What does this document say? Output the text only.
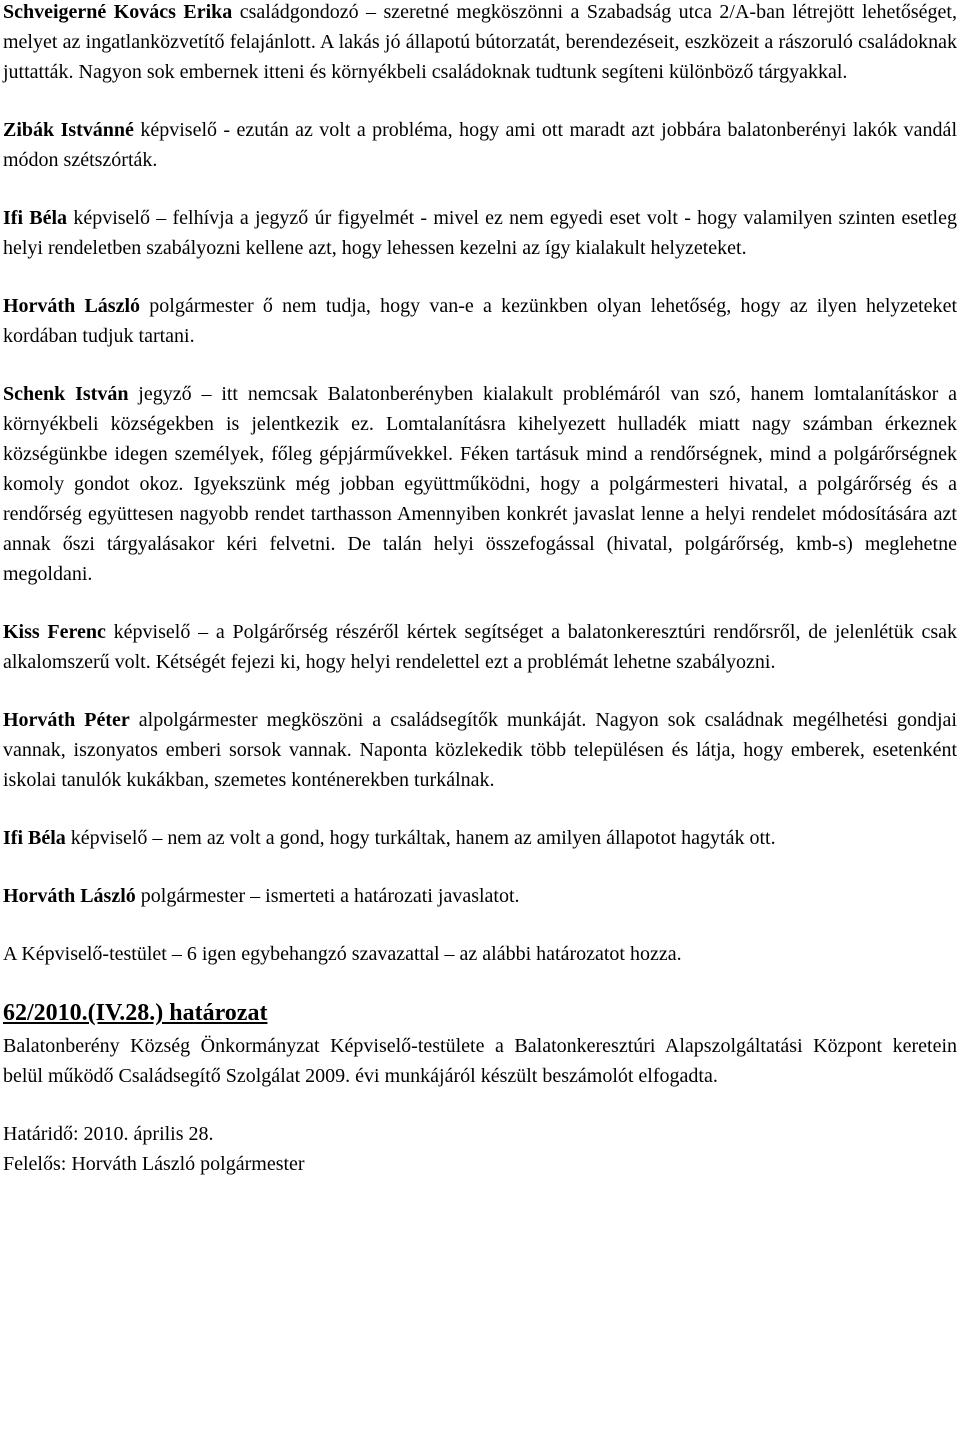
Schveigerné Kovács Erika családgondozó – szeretné megköszönni a Szabadság utca 2/A-ban létrejött lehetőséget, melyet az ingatlanközvetítő felajánlott. A lakás jó állapotú bútorzatát, berendezéseit, eszközeit a rászoruló családoknak juttatták. Nagyon sok embernek itteni és környékbeli családoknak tudtunk segíteni különböző tárgyakkal.

Zibák Istvánné képviselő - ezután az volt a probléma, hogy ami ott maradt azt jobbára balatonberényi lakók vandál módon szétszórták.

Ifi Béla képviselő – felhívja a jegyző úr figyelmét - mivel ez nem egyedi eset volt - hogy valamilyen szinten esetleg helyi rendeletben szabályozni kellene azt, hogy lehessen kezelni az így kialakult helyzeteket.

Horváth László polgármester ő nem tudja, hogy van-e a kezünkben olyan lehetőség, hogy az ilyen helyzeteket kordában tudjuk tartani.

Schenk István jegyző – itt nemcsak Balatonberényben kialakult problémáról van szó, hanem lomtalanításkor a környékbeli községekben is jelentkezik ez. Lomtalanításra kihelyezett hulladék miatt nagy számban érkeznek községünkbe idegen személyek, főleg gépjárművekkel. Féken tartásuk mind a rendőrségnek, mind a polgárőrségnek komoly gondot okoz. Igyekszünk még jobban együttműködni, hogy a polgármesteri hivatal, a polgárőrség és a rendőrség együttesen nagyobb rendet tarthasson Amennyiben konkrét javaslat lenne a helyi rendelet módosítására azt annak őszi tárgyalásakor kéri felvetni. De talán helyi összefogással (hivatal, polgárőrség, kmb-s) meglehetne megoldani.

Kiss Ferenc képviselő – a Polgárőrség részéről kértek segítséget a balatonkeresztúri rendőrsről, de jelenlétük csak alkalomszerű volt. Kétségét fejezi ki, hogy helyi rendelettel ezt a problémát lehetne szabályozni.

Horváth Péter alpolgármester megköszöni a családsegítők munkáját. Nagyon sok családnak megélhetési gondjai vannak, iszonyatos emberi sorsok vannak. Naponta közlekedik több településen és látja, hogy emberek, esetenként iskolai tanulók kukákban, szemetes konténerekben turkálnak.

Ifi Béla képviselő – nem az volt a gond, hogy turkáltak, hanem az amilyen állapotot hagyták ott.

Horváth László polgármester – ismerteti a határozati javaslatot.

A Képviselő-testület – 6 igen egybehangzó szavazattal – az alábbi határozatot hozza.

62/2010.(IV.28.) határozat

Balatonberény Község Önkormányzat Képviselő-testülete a Balatonkeresztúri Alapszolgáltatási Központ keretein belül működő Családsegítő Szolgálat 2009. évi munkájáról készült beszámolót elfogadta.

Határidő: 2010. április 28.

Felelős: Horváth László polgármester
